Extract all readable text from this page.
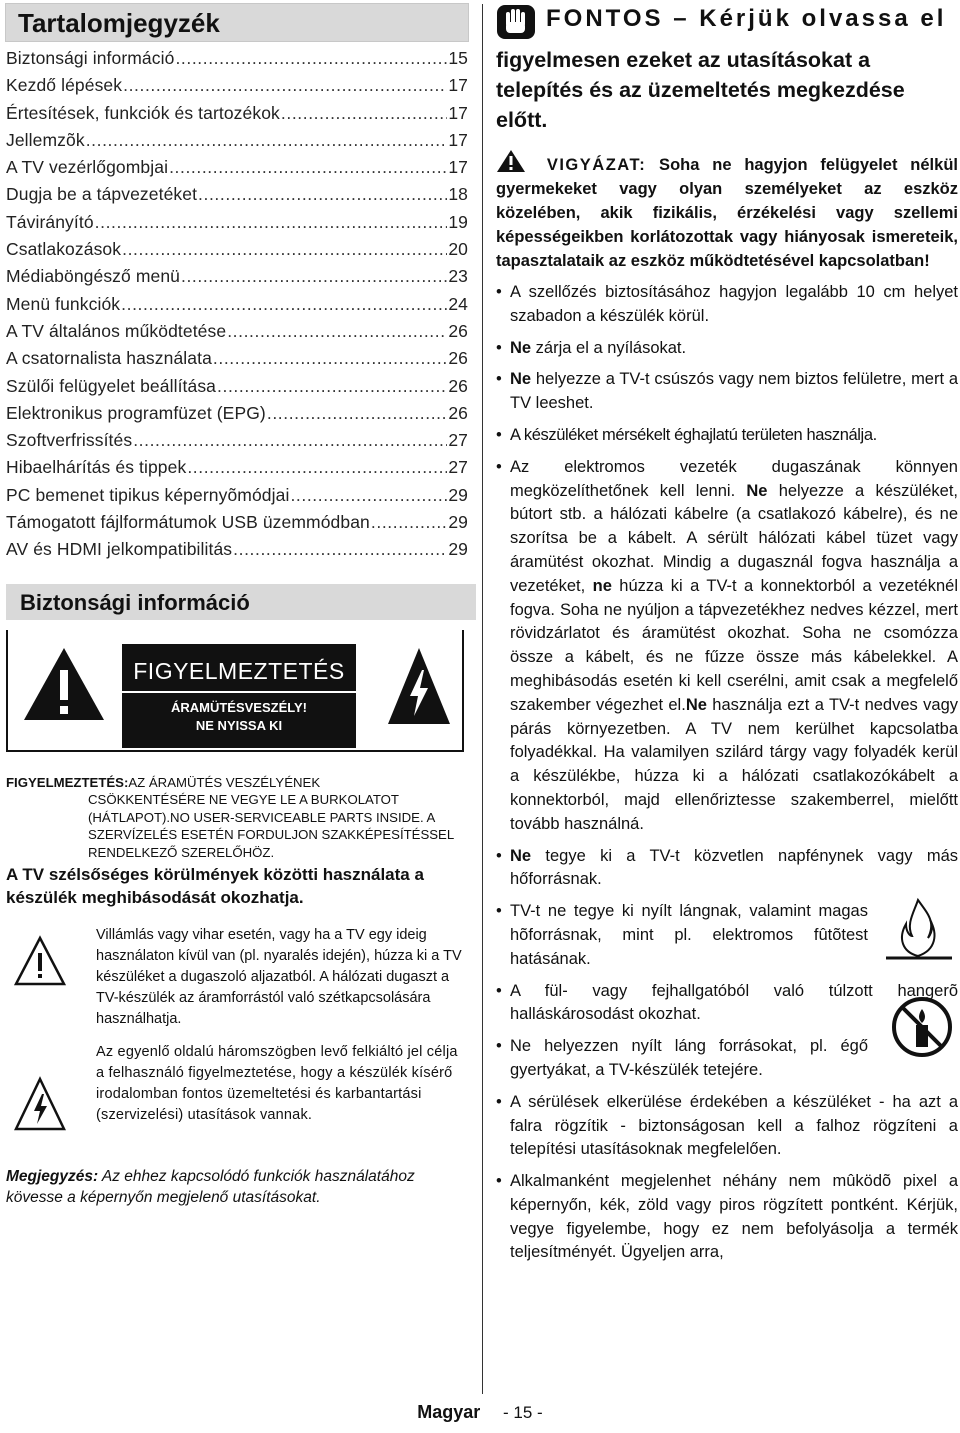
Tartalomjegyzék
Biztonsági információ .....	15
Kezdő lépések .....	17
Értesítések, funkciók és tartozékok .....	17
Jellemzõk .....	17
A TV vezérlőgombjai .....	17
Dugja be a tápvezetéket .....	18
Távirányító .....	19
Csatlakozások .....	20
Médiaböngésző menü .....	23
Menü funkciók .....	24
A TV általános működtetése .....	26
A csatornalista használata .....	26
Szülői felügyelet beállítása .....	26
Elektronikus programfüzet (EPG) .....	26
Szoftverfrissítés .....	27
Hibaelhárítás és tippek .....	27
PC bemenet tipikus képernyõmódjai .....	29
Támogatott fájlformátumok USB üzemmódban .....	29
AV és HDMI jelkompatibilitás .....	29
Biztonsági információ
FIGYELMEZTETÉS
ÁRAMÜTÉSVESZÉLY!
NE NYISSA KI
FIGYELMEZTETÉS:AZ ÁRAMÜTÉS VESZÉLYÉNEK
CSÖKKENTÉSÉRE NE VEGYE LE A BURKOLATOT (HÁTLAPOT).NO USER-SERVICEABLE PARTS INSIDE. A SZERVÍZELÉS ESETÉN FORDULJON SZAKKÉPESÍTÉSSEL RENDELKEZŐ SZERELŐHÖZ.
A TV szélsőséges körülmények közötti használata a készülék meghibásodását okozhatja.
Villámlás vagy vihar esetén, vagy ha a TV egy ideig használaton kívül van (pl. nyaralés idején), húzza ki a TV készüléket a dugaszoló aljazatból. A hálózati dugaszt a TV-készülék az áramforrástól való szétkapcsolására használhatja.
Az egyenlő oldalú háromszögben levő felkiáltó jel célja a felhasználó figyelmeztetése, hogy a készülék kísérő irodalomban fontos üzemeltetési és karbantartási (szervizelési) utasítások vannak.
Megjegyzés: Az ehhez kapcsolódó funkciók használatához kövesse a képernyőn megjelenő utasításokat.
FONTOS – Kérjük olvassa el
figyelmesen ezeket az utasításokat a telepítés és az üzemeltetés megkezdése előtt.
VIGYÁZAT: Soha ne hagyjon felügyelet nélkül gyermekeket vagy olyan személyeket az eszköz közelében, akik fizikális, érzékelési vagy szellemi képességeikben korlátozottak vagy hiányosak ismereteik, tapasztalataik az eszköz működtetésével kapcsolatban!
• A szellőzés biztosításához hagyjon legalább 10 cm helyet szabadon a készülék körül.
• Ne zárja el a nyílásokat.
• Ne helyezze a TV-t csúszós vagy nem biztos felületre, mert a TV leeshet.
• A készüléket mérsékelt éghajlatú területen használja.
• Az elektromos vezeték dugaszának könnyen megközelíthetőnek kell lenni. Ne helyezze a készüléket, bútort stb. a hálózati kábelre (a csatlakozó kábelre), és ne szorítsa be a kábelt. A sérült hálózati kábel tüzet vagy áramütést okozhat. Mindig a dugasznál fogva használja a vezetéket, ne húzza ki a TV-t a konnektorból a vezetéknél fogva. Soha ne nyúljon a tápvezetékhez nedves kézzel, mert rövidzárlatot és áramütést okozhat. Soha ne csomózza össze a kábelt, és ne fűzze össze más kábelekkel. A meghibásodás esetén ki kell cserélni, amit csak a megfelelő szakember végezhet el.Ne használja ezt a TV-t nedves vagy párás környezetben. A TV nem kerülhet kapcsolatba folyadékkal. Ha valamilyen szilárd tárgy vagy folyadék kerül a készülékbe, húzza ki a hálózati csatlakozókábelt a konnektorból, majd ellenőriztesse szakemberrel, mielőtt tovább használná.
• Ne tegye ki a TV-t közvetlen napfénynek vagy más hőforrásnak.
• TV-t ne tegye ki nyílt lángnak, valamint magas hõforrásnak, mint pl. elektromos fûtõtest hatásának.
• A fül- vagy fejhallgatóból való túlzott hangerõ halláskárosodást okozhat.
• Ne helyezzen nyílt láng forrásokat, pl. égő gyertyákat, a TV-készülék tetejére.
• A sérülések elkerülése érdekében a készüléket - ha azt a falra rögzítik - biztonságosan kell a falhoz rögzíteni a telepítési utasításoknak megfelelően.
• Alkalmanként megjelenhet néhány nem mûködõ pixel a képernyőn, kék, zöld vagy piros rögzített pontként. Kérjük, vegye figyelembe, hogy ez nem befolyásolja a termék teljesítményét. Ügyeljen arra,
Magyar - 15 -
